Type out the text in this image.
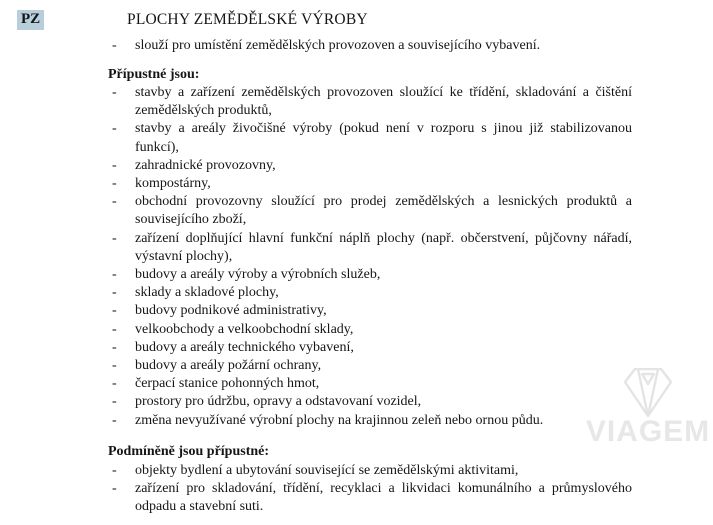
VIAGEM
PZ	PLOCHY ZEMĚDĚLSKÉ VÝROBY
-	slouží pro umístění zemědělských provozoven a souvisejícího vybavení.
Přípustné jsou:
-	stavby a zařízení zemědělských provozoven sloužící ke třídění, skladování a čištění zemědělských produktů,
-	stavby a areály živočišné výroby (pokud není v rozporu s jinou již stabilizovanou funkcí),
-	zahradnické provozovny,
-	kompostárny,
-	obchodní provozovny sloužící pro prodej zemědělských a lesnických produktů a souvisejícího zboží,
-	zařízení doplňující hlavní funkční náplň plochy (např. občerstvení, půjčovny nářadí, výstavní plochy),
-	budovy a areály výroby a výrobních služeb,
-	sklady a skladové plochy,
-	budovy podnikové administrativy,
-	velkoobchody a velkoobchodní sklady,
-	budovy a areály technického vybavení,
-	budovy a areály požární ochrany,
-	čerpací stanice pohonných hmot,
-	prostory pro údržbu, opravy a odstavovaní vozidel,
-	změna nevyužívané výrobní plochy na krajinnou zeleň nebo ornou půdu.
Podmíněně jsou přípustné:
-	objekty bydlení a ubytování související se zemědělskými aktivitami,
-	zařízení pro skladování, třídění, recyklaci a likvidaci komunálního a průmyslového odpadu a stavební suti.
